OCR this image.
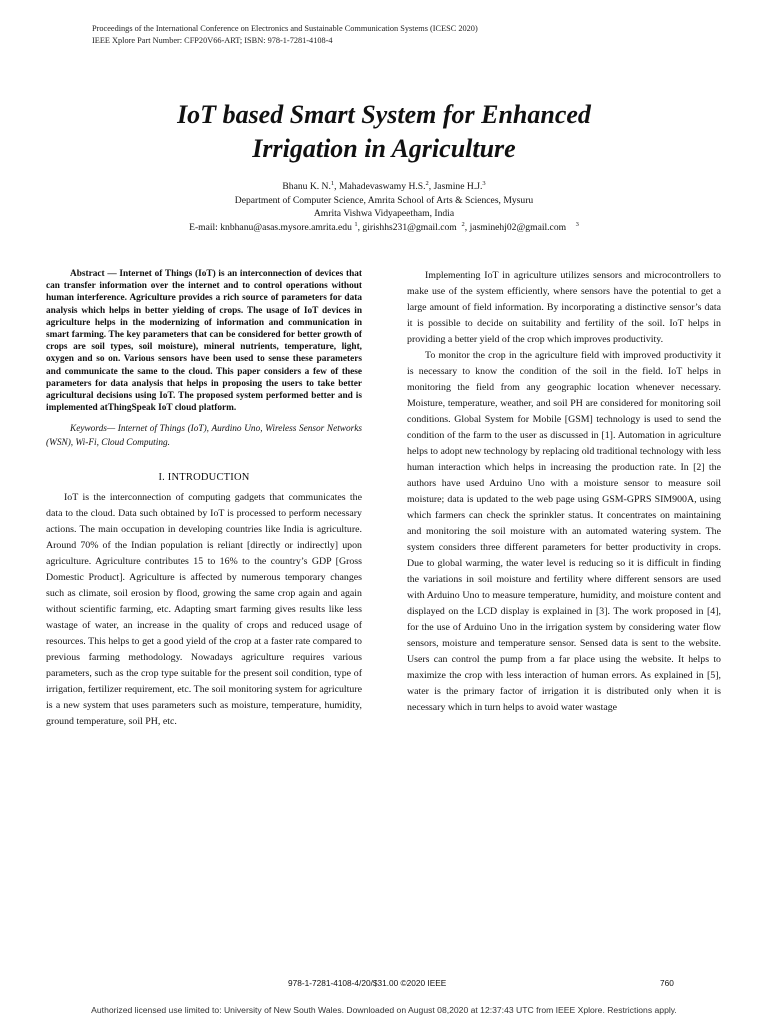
Proceedings of the International Conference on Electronics and Sustainable Communication Systems (ICESC 2020)
IEEE Xplore Part Number: CFP20V66-ART; ISBN: 978-1-7281-4108-4
IoT based Smart System for Enhanced
Irrigation in Agriculture
Bhanu K. N.$^1$, Mahadevaswamy H.S.$^2$, Jasmine H.J.$^3$
Department of Computer Science, Amrita School of Arts & Sciences, Mysuru
Amrita Vishwa Vidyapeetham, India
E-mail: knbhanu@asas.mysore.amrita.edu $^1$, girishhs231@gmail.com $^2$, jasminehj02@gmail.com $^3$

Abstract — Internet of Things (IoT) is an interconnection of devices that can transfer information over the internet and to control operations without human interference. Agriculture provides a rich source of parameters for data analysis which helps in better yielding of crops. The usage of IoT devices in agriculture helps in the modernizing of information and communication in smart farming. The key parameters that can be considered for better growth of crops are soil types, soil moisture), mineral nutrients, temperature, light, oxygen and so on. Various sensors have been used to sense these parameters and communicate the same to the cloud. This paper considers a few of these parameters for data analysis that helps in proposing the users to take better agricultural decisions using IoT. The proposed system performed better and is implemented atThingSpeak IoT cloud platform.

Keywords— Internet of Things (IoT), Aurdino Uno, Wireless Sensor Networks (WSN), Wi-Fi, Cloud Computing.

I. INTRODUCTION

IoT is the interconnection of computing gadgets that communicates the data to the cloud. Data such obtained by IoT is processed to perform necessary actions. The main occupation in developing countries like India is agriculture. Around 70% of the Indian population is reliant [directly or indirectly] upon agriculture. Agriculture contributes 15 to 16% to the country’s GDP [Gross Domestic Product]. Agriculture is affected by numerous temporary changes such as climate, soil erosion by flood, growing the same crop again and again without scientific farming, etc. Adapting smart farming gives results like less wastage of water, an increase in the quality of crops and reduced usage of resources. This helps to get a good yield of the crop at a faster rate compared to previous farming methodology. Nowadays agriculture requires various parameters, such as the crop type suitable for the present soil condition, type of irrigation, fertilizer requirement, etc. The soil monitoring system for agriculture is a new system that uses parameters such as moisture, temperature, humidity, ground temperature, soil PH, etc.

Implementing IoT in agriculture utilizes sensors and microcontrollers to make use of the system efficiently, where sensors have the potential to get a large amount of field information. By incorporating a distinctive sensor’s data it is possible to decide on suitability and fertility of the soil. IoT helps in providing a better yield of the crop which improves productivity.

To monitor the crop in the agriculture field with improved productivity it is necessary to know the condition of the soil in the field. IoT helps in monitoring the field from any geographic location whenever necessary. Moisture, temperature, weather, and soil PH are considered for monitoring soil conditions. Global System for Mobile [GSM] technology is used to send the condition of the farm to the user as discussed in [1]. Automation in agriculture helps to adopt new technology by replacing old traditional technology with less human interaction which helps in increasing the production rate. In [2] the authors have used Arduino Uno with a moisture sensor to measure soil moisture; data is updated to the web page using GSM-GPRS SIM900A, using which farmers can check the sprinkler status. It concentrates on maintaining and monitoring the soil moisture with an automated watering system. The system considers three different parameters for better productivity in crops. Due to global warming, the water level is reducing so it is difficult in finding the variations in soil moisture and fertility where different sensors are used with Arduino Uno to measure temperature, humidity, and moisture content and displayed on the LCD display is explained in [3]. The work proposed in [4], for the use of Arduino Uno in the irrigation system by considering water flow sensors, moisture and temperature sensor. Sensed data is sent to the website. Users can control the pump from a far place using the website. It helps to maximize the crop with less interaction of human errors. As explained in [5], water is the primary factor of irrigation it is distributed only when it is necessary which in turn helps to avoid water wastage

978-1-7281-4108-4/20/$31.00 ©2020 IEEE	760
Authorized licensed use limited to: University of New South Wales. Downloaded on August 08,2020 at 12:37:43 UTC from IEEE Xplore. Restrictions apply.
